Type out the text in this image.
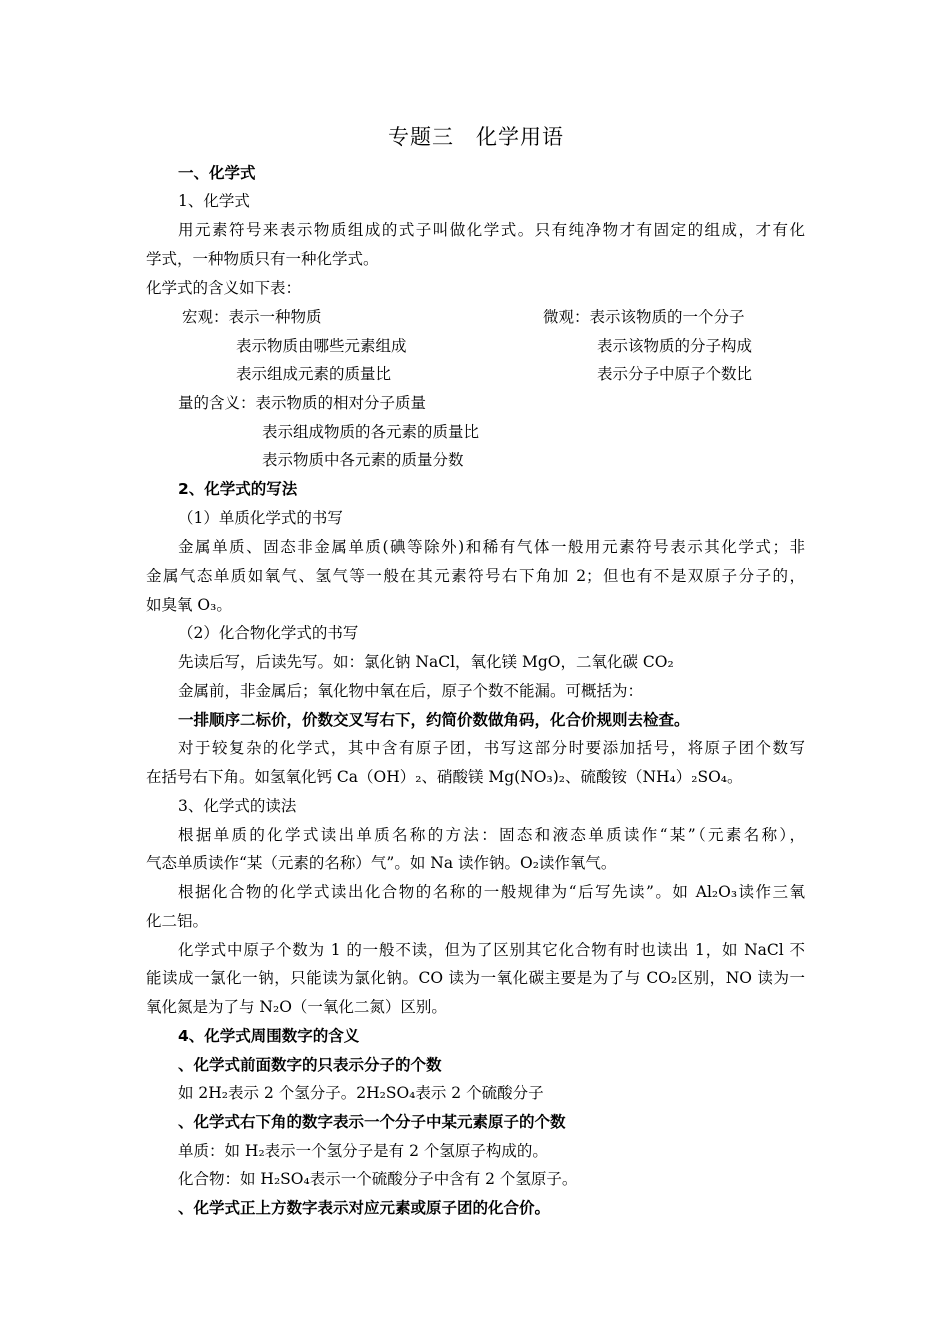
专题三　化学用语
一、化学式
1、化学式
用元素符号来表示物质组成的式子叫做化学式。只有纯净物才有固定的组成，才有化
学式，一种物质只有一种化学式。
化学式的含义如下表：
宏观：表示一种物质
表示物质由哪些元素组成
表示组成元素的质量比
微观：表示该物质的一个分子
表示该物质的分子构成
表示分子中原子个数比
量的含义：表示物质的相对分子质量
表示组成物质的各元素的质量比
表示物质中各元素的质量分数
2、化学式的写法
（1）单质化学式的书写
金属单质、固态非金属单质(碘等除外)和稀有气体一般用元素符号表示其化学式；非
金属气态单质如氧气、氢气等一般在其元素符号右下角加 2；但也有不是双原子分子的，
如臭氧 O₃。
（2）化合物化学式的书写
先读后写，后读先写。如：氯化钠 NaCl，氧化镁 MgO，二氧化碳 CO₂
金属前，非金属后；氧化物中氧在后，原子个数不能漏。可概括为：
一排顺序二标价，价数交叉写右下，约简价数做角码，化合价规则去检查。
对于较复杂的化学式，其中含有原子团，书写这部分时要添加括号，将原子团个数写
在括号右下角。如氢氧化钙 Ca（OH）₂、硝酸镁 Mg(NO₃)₂、硫酸铵（NH₄）₂SO₄。
3、化学式的读法
根据单质的化学式读出单质名称的方法：固态和液态单质读作“某”（元素名称），
气态单质读作“某（元素的名称）气”。如 Na 读作钠。O₂读作氧气。
根据化合物的化学式读出化合物的名称的一般规律为“后写先读”。如 Al₂O₃读作三氧
化二铝。
化学式中原子个数为 1 的一般不读，但为了区别其它化合物有时也读出 1，如 NaCl 不
能读成一氯化一钠，只能读为氯化钠。CO 读为一氧化碳主要是为了与 CO₂区别，NO 读为一
氧化氮是为了与 N₂O（一氧化二氮）区别。
4、化学式周围数字的含义
、化学式前面数字的只表示分子的个数
如 2H₂表示 2 个氢分子。2H₂SO₄表示 2 个硫酸分子
、化学式右下角的数字表示一个分子中某元素原子的个数
单质：如 H₂表示一个氢分子是有 2 个氢原子构成的。
化合物：如 H₂SO₄表示一个硫酸分子中含有 2 个氢原子。
、化学式正上方数字表示对应元素或原子团的化合价。
